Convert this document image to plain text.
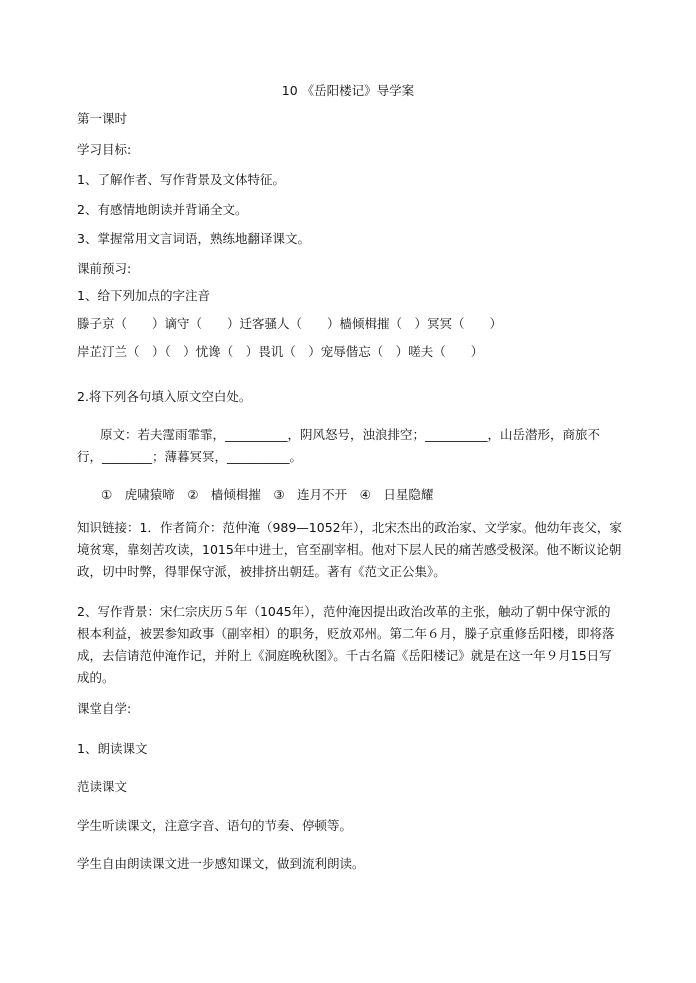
10 《岳阳楼记》导学案
第一课时
学习目标:
1、了解作者、写作背景及文体特征。
2、有感情地朗读并背诵全文。
3、掌握常用文言词语，熟练地翻译课文。
课前预习:
1、给下列加点的字注音
滕子京（　　）谪守（　　）迁客骚人（　　）樯倾楫摧（　）冥冥（　　）
岸芷汀兰（　）（　）忧谗（　）畏讥（　）宠辱偕忘（　）嗟夫（　　）
2.将下列各句填入原文空白处。
原文：若夫霪雨霏霏，__________，阴风怒号，浊浪排空；__________，山岳潜形，商旅不行，________；薄暮冥冥，__________。
①　虎啸猿啼　②　樯倾楫摧　③　连月不开　④　日星隐耀
知识链接：1．作者简介：范仲淹（989—1052年），北宋杰出的政治家、文学家。他幼年丧父，家境贫寒，靠刻苦攻读，1015年中进士，官至副宰相。他对下层人民的痛苦感受极深。他不断议论朝政，切中时弊，得罪保守派，被排挤出朝廷。著有《范文正公集》。
2、写作背景：宋仁宗庆历５年（1045年），范仲淹因提出政治改革的主张，触动了朝中保守派的根本利益，被罢参知政事（副宰相）的职务，贬放邓州。第二年６月，滕子京重修岳阳楼，即将落成，去信请范仲淹作记，并附上《洞庭晚秋图》。千古名篇《岳阳楼记》就是在这一年９月15日写成的。
课堂自学:
1、朗读课文
范读课文
学生听读课文，注意字音、语句的节奏、停顿等。
学生自由朗读课文进一步感知课文，做到流利朗读。
